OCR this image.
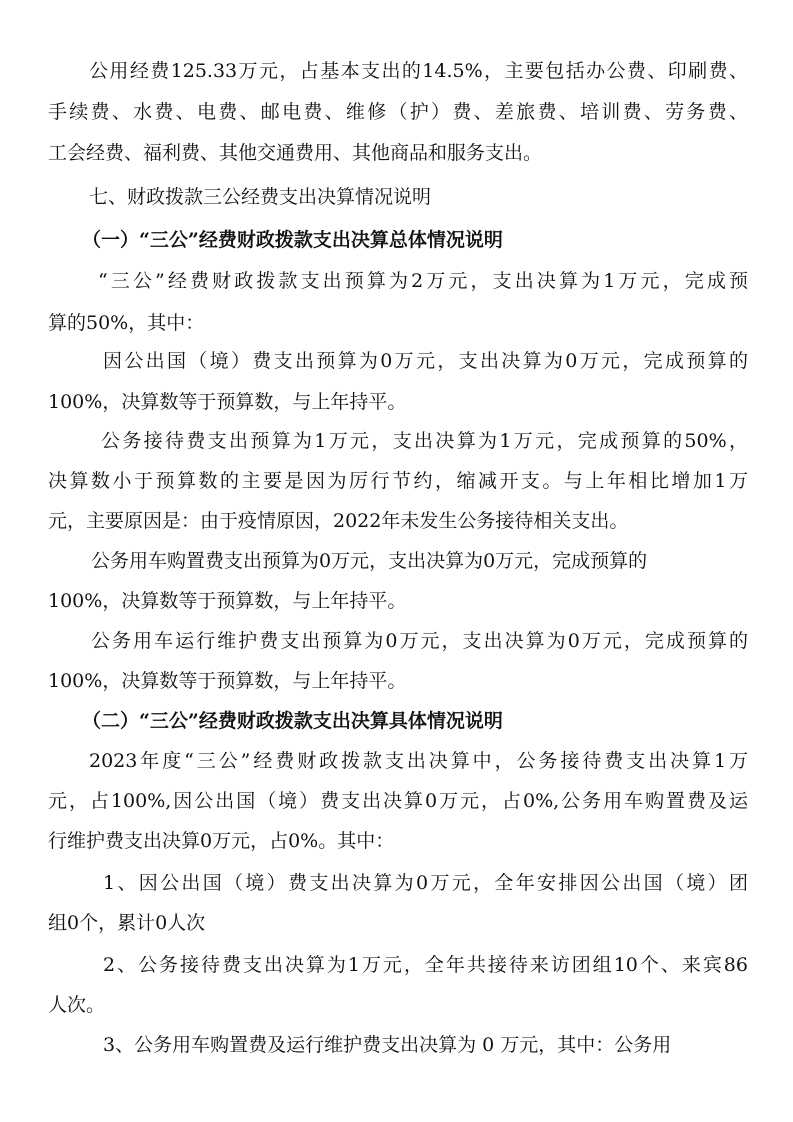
公用经费125.33万元，占基本支出的14.5%，主要包括办公费、印刷费、
手续费、水费、电费、邮电费、维修（护）费、差旅费、培训费、劳务费、
工会经费、福利费、其他交通费用、其他商品和服务支出。
七、财政拨款三公经费支出决算情况说明
（一）“三公”经费财政拨款支出决算总体情况说明
“三公”经费财政拨款支出预算为2万元，支出决算为1万元，完成预
算的50%，其中：
因公出国（境）费支出预算为0万元，支出决算为0万元，完成预算的
100%，决算数等于预算数，与上年持平。
公务接待费支出预算为1万元，支出决算为1万元，完成预算的50%，
决算数小于预算数的主要是因为厉行节约，缩减开支。与上年相比增加1万
元，主要原因是：由于疫情原因，2022年未发生公务接待相关支出。
公务用车购置费支出预算为0万元，支出决算为0万元，完成预算的
100%，决算数等于预算数，与上年持平。
公务用车运行维护费支出预算为0万元，支出决算为0万元，完成预算的
100%，决算数等于预算数，与上年持平。
（二）“三公”经费财政拨款支出决算具体情况说明
2023年度“三公”经费财政拨款支出决算中，公务接待费支出决算1万
元，占100%,因公出国（境）费支出决算0万元，占0%,公务用车购置费及运
行维护费支出决算0万元，占0%。其中：
1、因公出国（境）费支出决算为0万元，全年安排因公出国（境）团
组0个，累计0人次
2、公务接待费支出决算为1万元，全年共接待来访团组10个、来宾86
人次。
3、公务用车购置费及运行维护费支出决算为 0 万元，其中：公务用
